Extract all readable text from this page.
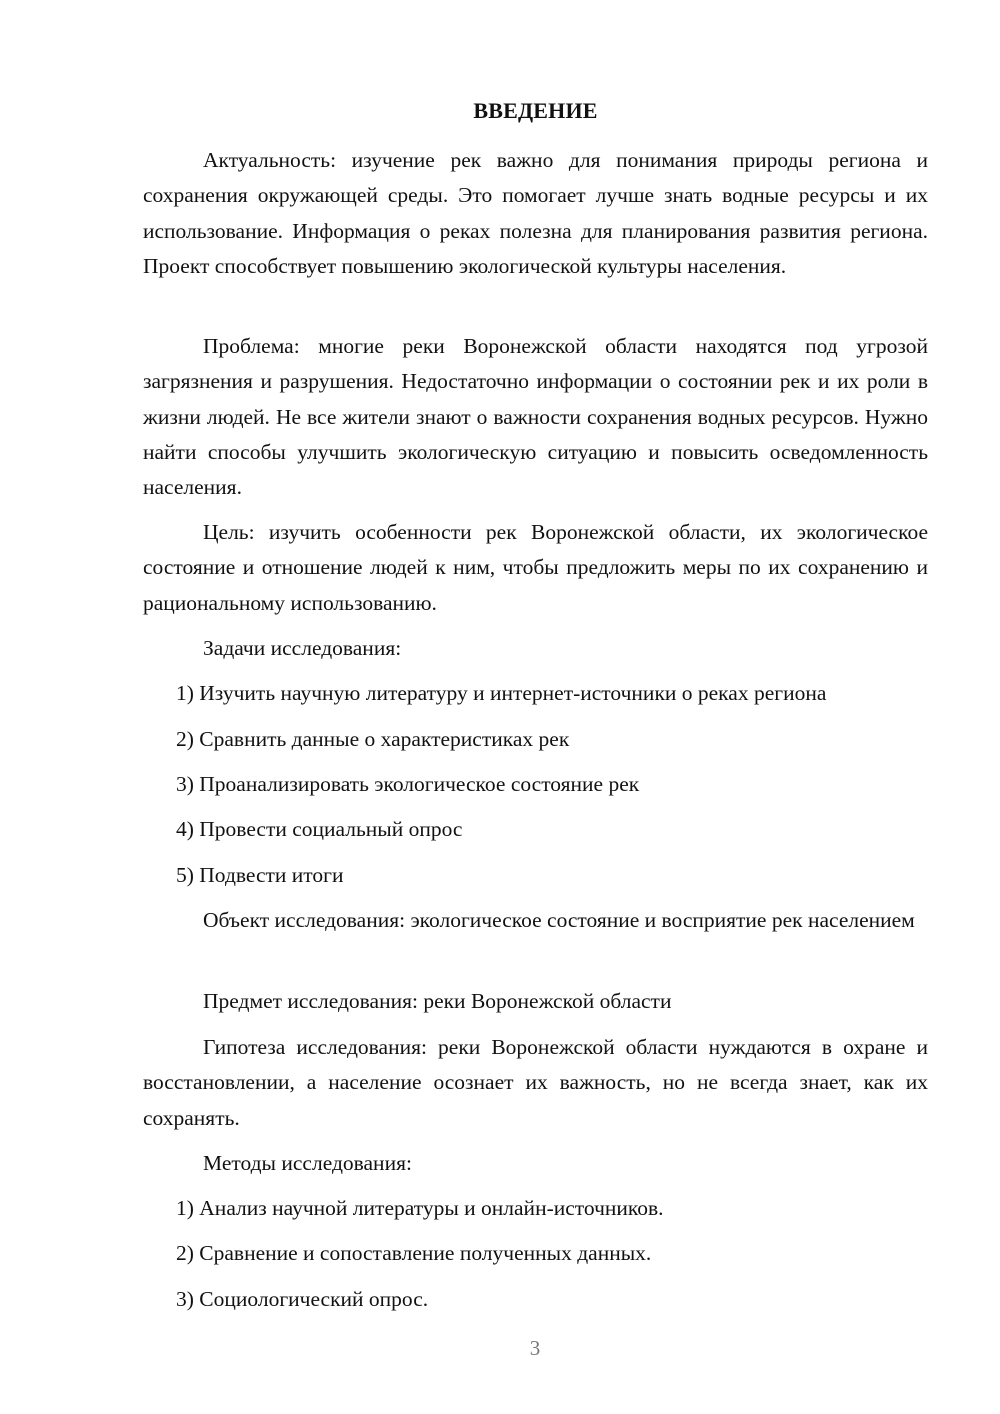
ВВЕДЕНИЕ

Актуальность: изучение рек важно для понимания природы региона и сохранения окружающей среды. Это помогает лучше знать водные ресурсы и их использование. Информация о реках полезна для планирования развития региона. Проект способствует повышению экологической культуры населения.

Проблема: многие реки Воронежской области находятся под угрозой загрязнения и разрушения. Недостаточно информации о состоянии рек и их роли в жизни людей. Не все жители знают о важности сохранения водных ресурсов. Нужно найти способы улучшить экологическую ситуацию и повысить осведомленность населения.

Цель: изучить особенности рек Воронежской области, их экологическое состояние и отношение людей к ним, чтобы предложить меры по их сохранению и рациональному использованию.

Задачи исследования:

1) Изучить научную литературу и интернет-источники о реках региона

2) Сравнить данные о характеристиках рек

3) Проанализировать экологическое состояние рек

4) Провести социальный опрос

5) Подвести итоги

Объект исследования: экологическое состояние и восприятие рек населением

Предмет исследования: реки Воронежской области

Гипотеза исследования: реки Воронежской области нуждаются в охране и восстановлении, а население осознает их важность, но не всегда знает, как их сохранять.

Методы исследования:

1) Анализ научной литературы и онлайн-источников.

2) Сравнение и сопоставление полученных данных.

3) Социологический опрос.

3
